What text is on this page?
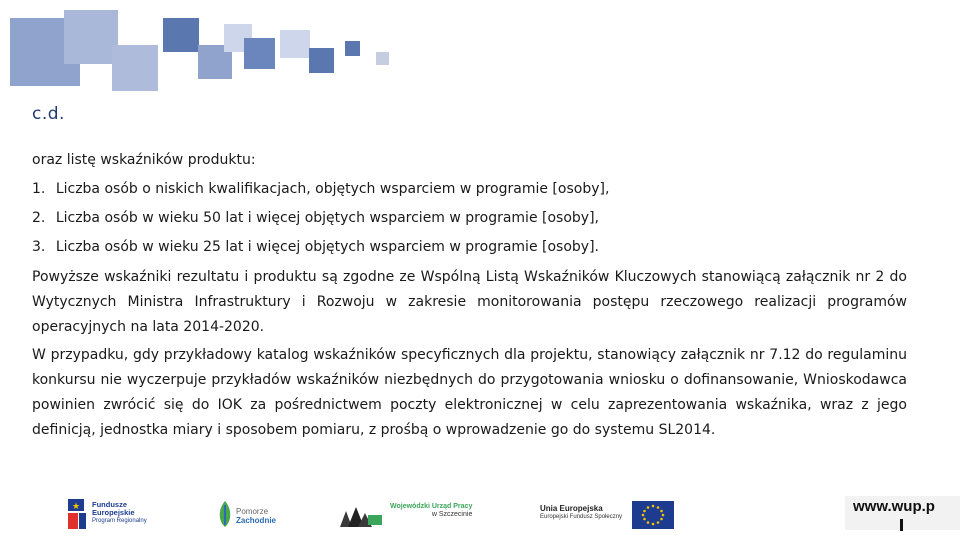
c.d.
oraz listę wskaźników produktu:
1. Liczba osób o niskich kwalifikacjach, objętych wsparciem w programie [osoby],
2. Liczba osób w wieku 50 lat i więcej objętych wsparciem w programie [osoby],
3. Liczba osób w wieku 25 lat i więcej objętych wsparciem w programie [osoby].
Powyższe wskaźniki rezultatu i produktu są zgodne ze Wspólną Listą Wskaźników Kluczowych stanowiącą załącznik nr 2 do Wytycznych Ministra Infrastruktury i Rozwoju w zakresie monitorowania postępu rzeczowego realizacji programów operacyjnych na lata 2014-2020.
W przypadku, gdy przykładowy katalog wskaźników specyficznych dla projektu, stanowiący załącznik nr 7.12 do regulaminu konkursu nie wyczerpuje przykładów wskaźników niezbędnych do przygotowania wniosku o dofinansowanie, Wnioskodawca powinien zwrócić się do IOK za pośrednictwem poczty elektronicznej w celu zaprezentowania wskaźnika, wraz z jego definicją, jednostka miary i sposobem pomiaru, z prośbą o wprowadzenie go do systemu SL2014.
★ Fundusze
Europejskie
Program Regionalny
Pomorze
Zachodnie
Wojewódzki Urząd Pracy
w Szczecinie
Unia Europejska
Europejski Fundusz Społeczny
www.wup.p
